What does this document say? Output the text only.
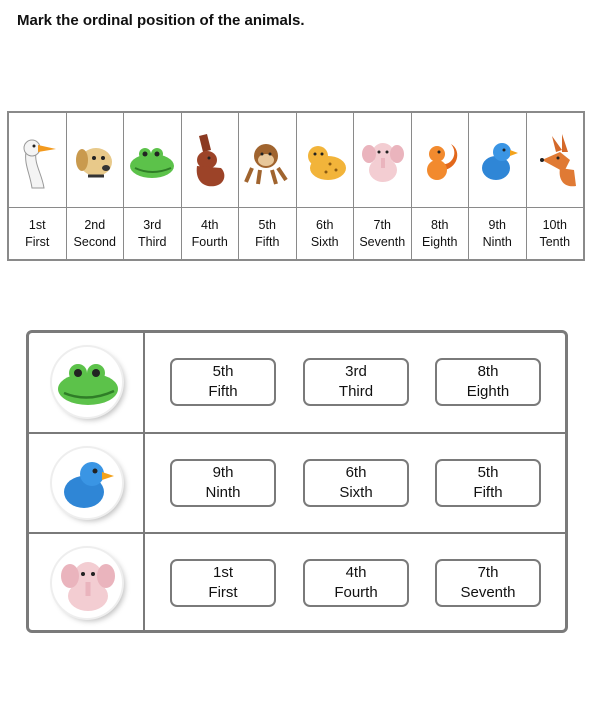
Mark the ordinal position of the animals.
1st
First
2nd
Second
3rd
Third
4th
Fourth
5th
Fifth
6th
Sixth
7th
Seventh
8th
Eighth
9th
Ninth
10th
Tenth
5th
Fifth
3rd
Third
8th
Eighth
9th
Ninth
6th
Sixth
5th
Fifth
1st
First
4th
Fourth
7th
Seventh
